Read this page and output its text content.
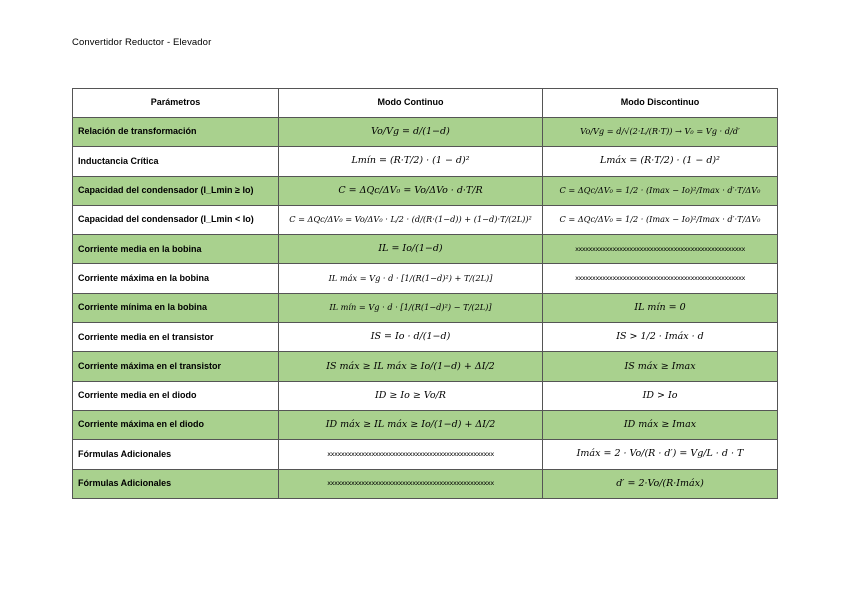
Convertidor Reductor - Elevador
Parámetros	Modo Continuo	Modo Discontinuo
Relación de transformación	Vo/Vg = d/(1−d)	Vo/Vg = d/√(2·L/(R·T)) → V₀ = Vg · d/d′
Inductancia Crítica	Lmín = (R·T/2) · (1 − d)²	Lmáx = (R·T/2) · (1 − d)²
Capacidad del condensador (I_Lmin ≥ Io)	C = ΔQc/ΔV₀ = Vo/ΔVo · d·T/R	C = ΔQc/ΔV₀ = 1/2 · (Imax − Io)²/Imax · d′·T/ΔV₀
Capacidad del condensador (I_Lmin < Io)	C = ΔQc/ΔV₀ = Vo/ΔV₀ · L/2 · (d/(R·(1−d)) + (1−d)·T/(2L))²	C = ΔQc/ΔV₀ = 1/2 · (Imax − Io)²/Imax · d′·T/ΔV₀
Corriente media en la bobina	IL = Io/(1−d)	xxxxxxxxxxxxxxxxxxxxxxxxxxxxxxxxxxxxxxxxxxxxxxxxxx

Corriente máxima en la bobina	IL máx = Vg · d · [1/(R(1−d)²) + T/(2L)]	xxxxxxxxxxxxxxxxxxxxxxxxxxxxxxxxxxxxxxxxxxxxxxxxxx

Corriente mínima en la bobina	IL mín = Vg · d · [1/(R(1−d)²) − T/(2L)]	IL mín = 0
Corriente media en el transistor	IS = Io · d/(1−d)	IS > 1/2 · Imáx · d
Corriente máxima en el transistor	IS máx ≥ IL máx ≥ Io/(1−d) + ΔI/2	IS máx ≥ Imax
Corriente media en el diodo	ID ≥ Io ≥ Vo/R	ID > Io
Corriente máxima en el diodo	ID máx ≥ IL máx ≥ Io/(1−d) + ΔI/2	ID máx ≥ Imax
Fórmulas Adicionales	xxxxxxxxxxxxxxxxxxxxxxxxxxxxxxxxxxxxxxxxxxxxxxxxx	Imáx = 2 · Vo/(R · d′) = Vg/L · d · T
Fórmulas Adicionales	xxxxxxxxxxxxxxxxxxxxxxxxxxxxxxxxxxxxxxxxxxxxxxxxx	d′ = 2·Vo/(R·Imáx)
